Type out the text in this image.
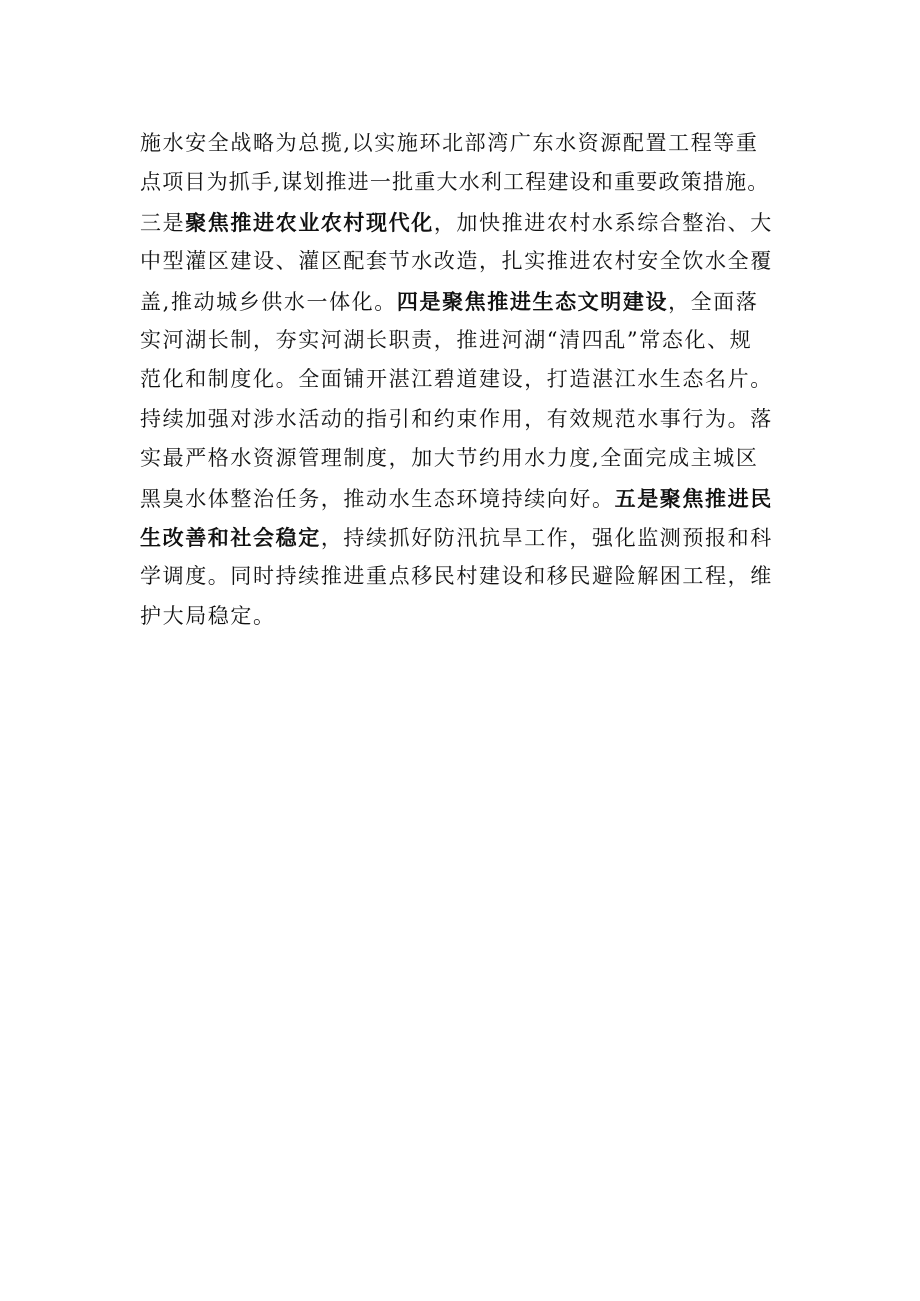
施水安全战略为总揽,以实施环北部湾广东水资源配置工程等重
点项目为抓手,谋划推进一批重大水利工程建设和重要政策措施。
三是聚焦推进农业农村现代化，加快推进农村水系综合整治、大
中型灌区建设、灌区配套节水改造，扎实推进农村安全饮水全覆
盖,推动城乡供水一体化。四是聚焦推进生态文明建设，全面落
实河湖长制，夯实河湖长职责，推进河湖“清四乱”常态化、规
范化和制度化。全面铺开湛江碧道建设，打造湛江水生态名片。
持续加强对涉水活动的指引和约束作用，有效规范水事行为。落
实最严格水资源管理制度，加大节约用水力度,全面完成主城区
黑臭水体整治任务，推动水生态环境持续向好。五是聚焦推进民
生改善和社会稳定，持续抓好防汛抗旱工作，强化监测预报和科
学调度。同时持续推进重点移民村建设和移民避险解困工程，维
护大局稳定。
